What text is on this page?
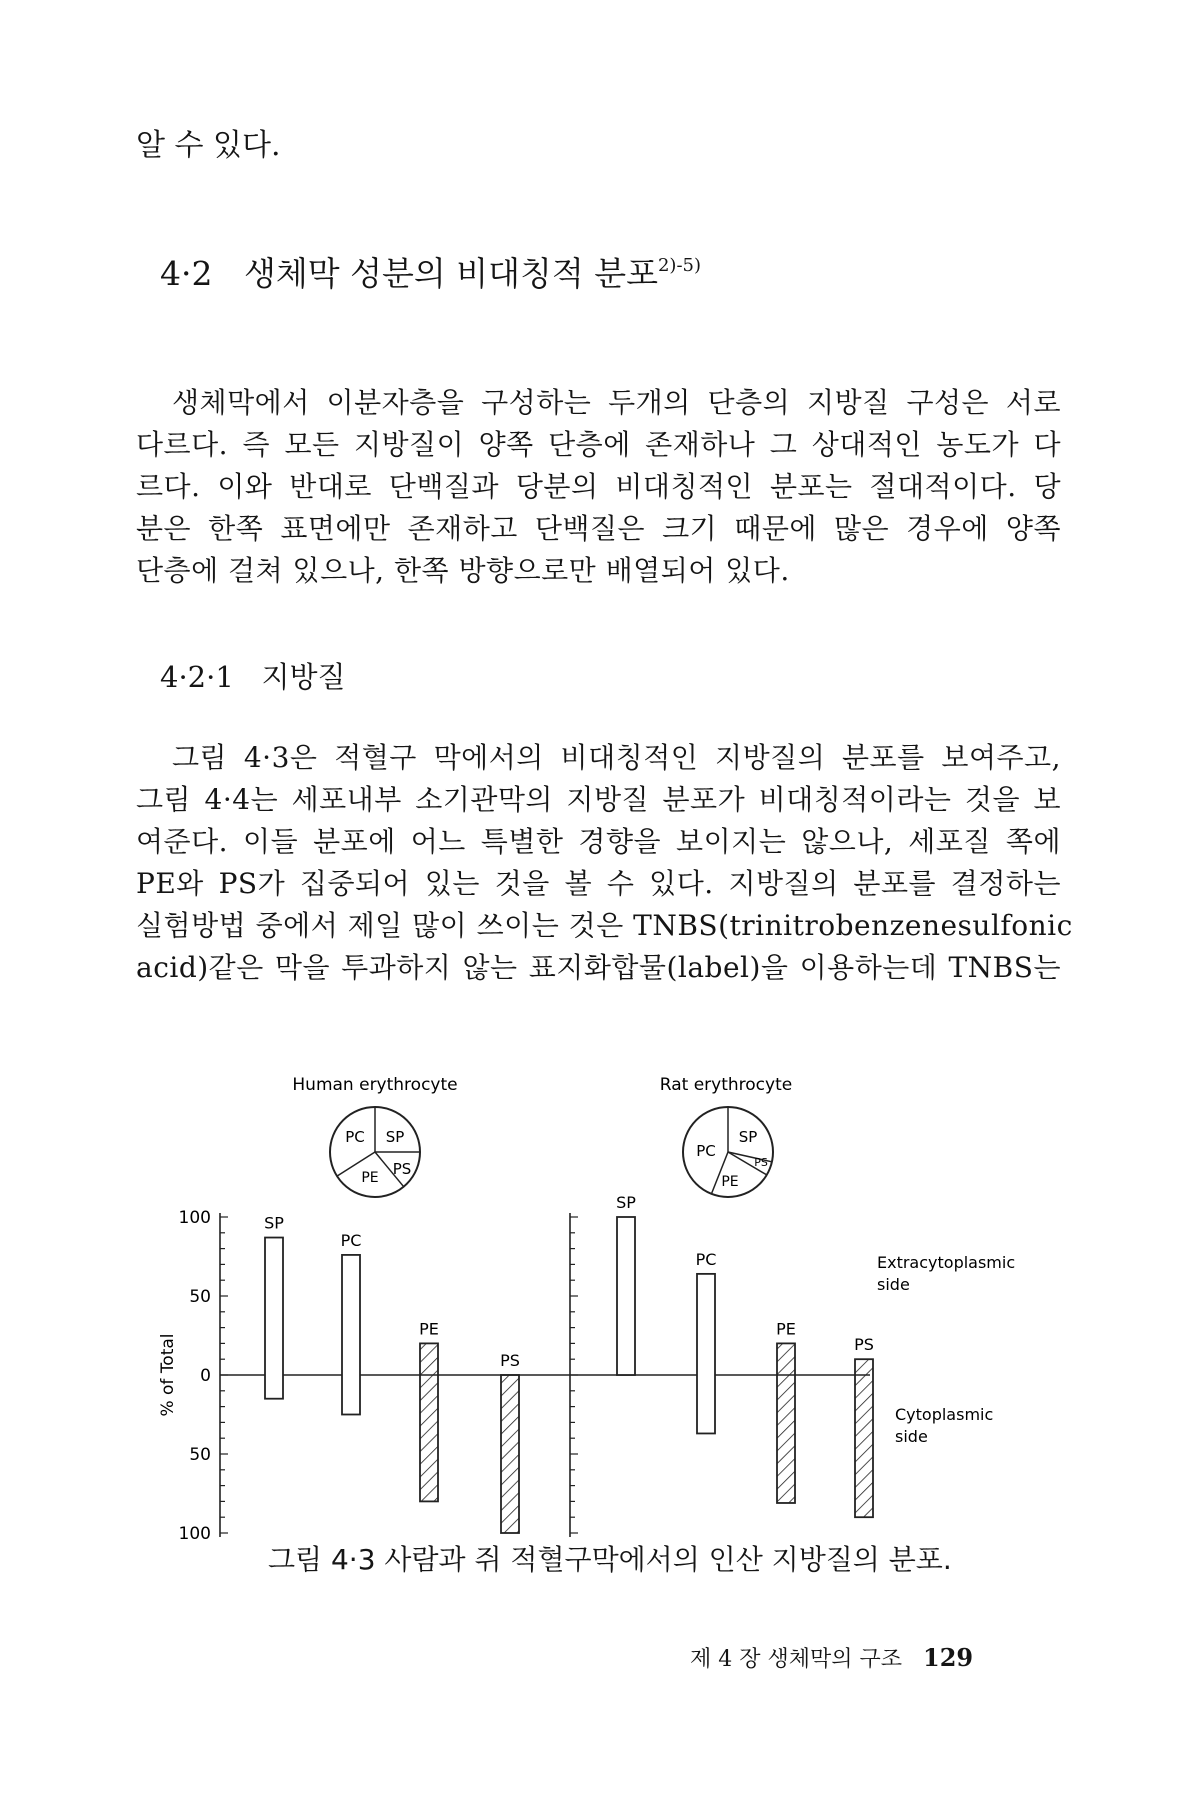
알 수 있다.
4·2 생체막 성분의 비대칭적 분포$^{2)-5)}$
생체막에서 이분자층을 구성하는 두개의 단층의 지방질 구성은 서로
다르다. 즉 모든 지방질이 양쪽 단층에 존재하나 그 상대적인 농도가 다
르다. 이와 반대로 단백질과 당분의 비대칭적인 분포는 절대적이다. 당
분은 한쪽 표면에만 존재하고 단백질은 크기 때문에 많은 경우에 양쪽
단층에 걸쳐 있으나, 한쪽 방향으로만 배열되어 있다.
4·2·1 지방질
그림 4·3은 적혈구 막에서의 비대칭적인 지방질의 분포를 보여주고,
그림 4·4는 세포내부 소기관막의 지방질 분포가 비대칭적이라는 것을 보
여준다. 이들 분포에 어느 특별한 경향을 보이지는 않으나, 세포질 쪽에
PE와 PS가 집중되어 있는 것을 볼 수 있다. 지방질의 분포를 결정하는
실험방법 중에서 제일 많이 쓰이는 것은 TNBS(trinitrobenzenesulfonic
acid)같은 막을 투과하지 않는 표지화합물(label)을 이용하는데 TNBS는
% of Total
100
50
0
50
100
Human erythrocyte
PC SP
PS
PE
SP
PC
PE
PS
Rat erythrocyte
PC
SP
PS
PE
SP
PC
PE
PS
Extracytoplasmic
side
Cytoplasmic
side
그림 4·3 사람과 쥐 적혈구막에서의 인산 지방질의 분포.
제 4 장 생체막의 구조 129
